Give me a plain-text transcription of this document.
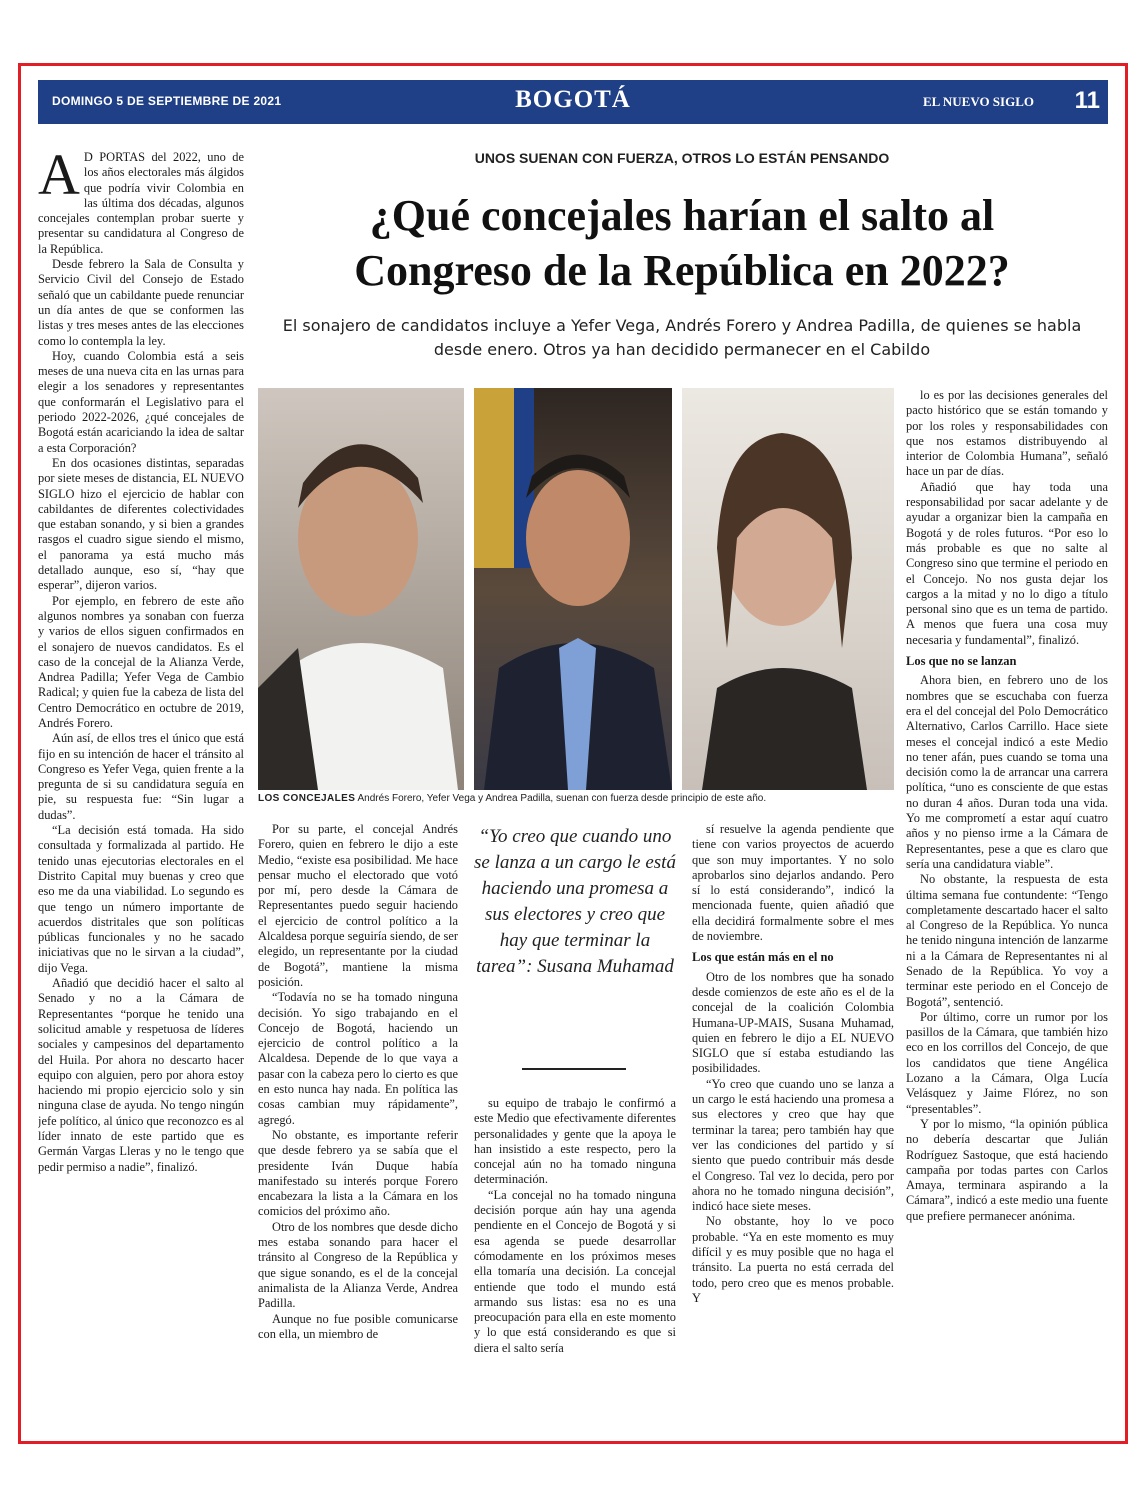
DOMINGO 5 DE SEPTIEMBRE DE 2021	BOGOTÁ	EL NUEVO SIGLO 11

A D PORTAS del 2022, uno de los años electorales más álgidos que podría vivir Colombia en las última dos décadas, algunos concejales contemplan probar suerte y presentar su candidatura al Congreso de la República.

Desde febrero la Sala de Consulta y Servicio Civil del Consejo de Estado señaló que un cabildante puede renunciar un día antes de que se conformen las listas y tres meses antes de las elecciones como lo contempla la ley.

Hoy, cuando Colombia está a seis meses de una nueva cita en las urnas para elegir a los senadores y representantes que conformarán el Legislativo para el periodo 2022-2026, ¿qué concejales de Bogotá están acariciando la idea de saltar a esta Corporación?

En dos ocasiones distintas, separadas por siete meses de distancia, EL NUEVO SIGLO hizo el ejercicio de hablar con cabildantes de diferentes colectividades que estaban sonando, y si bien a grandes rasgos el cuadro sigue siendo el mismo, el panorama ya está mucho más detallado aunque, eso sí, “hay que esperar”, dijeron varios.

Por ejemplo, en febrero de este año algunos nombres ya sonaban con fuerza y varios de ellos siguen confirmados en el sonajero de nuevos candidatos. Es el caso de la concejal de la Alianza Verde, Andrea Padilla; Yefer Vega de Cambio Radical; y quien fue la cabeza de lista del Centro Democrático en octubre de 2019, Andrés Forero.

Aún así, de ellos tres el único que está fijo en su intención de hacer el tránsito al Congreso es Yefer Vega, quien frente a la pregunta de si su candidatura seguía en pie, su respuesta fue: “Sin lugar a dudas”.

“La decisión está tomada. Ha sido consultada y formalizada al partido. He tenido unas ejecutorias electorales en el Distrito Capital muy buenas y creo que eso me da una viabilidad. Lo segundo es que tengo un número importante de acuerdos distritales que son políticas públicas funcionales y no he sacado iniciativas que no le sirvan a la ciudad”, dijo Vega.

Añadió que decidió hacer el salto al Senado y no a la Cámara de Representantes “porque he tenido una solicitud amable y respetuosa de líderes sociales y campesinos del departamento del Huila. Por ahora no descarto hacer equipo con alguien, pero por ahora estoy haciendo mi propio ejercicio solo y sin ninguna clase de ayuda. No tengo ningún jefe político, al único que reconozco es al líder innato de este partido que es Germán Vargas Lleras y no le tengo que pedir permiso a nadie”, finalizó.

UNOS SUENAN CON FUERZA, OTROS LO ESTÁN PENSANDO
¿Qué concejales harían el salto al
Congreso de la República en 2022?
El sonajero de candidatos incluye a Yefer Vega, Andrés Forero y Andrea Padilla, de quienes se habla desde enero. Otros ya han decidido permanecer en el Cabildo
LOS CONCEJALES Andrés Forero, Yefer Vega y Andrea Padilla, suenan con fuerza desde principio de este año.

Por su parte, el concejal Andrés Forero, quien en febrero le dijo a este Medio, “existe esa posibilidad. Me hace pensar mucho el electorado que votó por mí, pero desde la Cámara de Representantes puedo seguir haciendo el ejercicio de control político a la Alcaldesa porque seguiría siendo, de ser elegido, un representante por la ciudad de Bogotá”, mantiene la misma posición.

“Todavía no se ha tomado ninguna decisión. Yo sigo trabajando en el Concejo de Bogotá, haciendo un ejercicio de control político a la Alcaldesa. Depende de lo que vaya a pasar con la cabeza pero lo cierto es que en esto nunca hay nada. En política las cosas cambian muy rápidamente”, agregó.

No obstante, es importante referir que desde febrero ya se sabía que el presidente Iván Duque había manifestado su interés porque Forero encabezara la lista a la Cámara en los comicios del próximo año.

Otro de los nombres que desde dicho mes estaba sonando para hacer el tránsito al Congreso de la República y que sigue sonando, es el de la concejal animalista de la Alianza Verde, Andrea Padilla.

Aunque no fue posible comunicarse con ella, un miembro de

“Yo creo que cuando uno se lanza a un cargo le está haciendo una promesa a sus electores y creo que hay que terminar la tarea”: Susana Muhamad

su equipo de trabajo le confirmó a este Medio que efectivamente diferentes personalidades y gente que la apoya le han insistido a este respecto, pero la concejal aún no ha tomado ninguna determinación.

“La concejal no ha tomado ninguna decisión porque aún hay una agenda pendiente en el Concejo de Bogotá y si esa agenda se puede desarrollar cómodamente en los próximos meses ella tomaría una decisión. La concejal entiende que todo el mundo está armando sus listas: esa no es una preocupación para ella en este momento y lo que está considerando es que si diera el salto sería

sí resuelve la agenda pendiente que tiene con varios proyectos de acuerdo que son muy importantes. Y no solo aprobarlos sino dejarlos andando. Pero sí lo está considerando”, indicó la mencionada fuente, quien añadió que ella decidirá formalmente sobre el mes de noviembre.

Los que están más en el no

Otro de los nombres que ha sonado desde comienzos de este año es el de la concejal de la coalición Colombia Humana-UP-MAIS, Susana Muhamad, quien en febrero le dijo a EL NUEVO SIGLO que sí estaba estudiando las posibilidades.

“Yo creo que cuando uno se lanza a un cargo le está haciendo una promesa a sus electores y creo que hay que terminar la tarea; pero también hay que ver las condiciones del partido y sí siento que puedo contribuir más desde el Congreso. Tal vez lo decida, pero por ahora no he tomado ninguna decisión”, indicó hace siete meses.

No obstante, hoy lo ve poco probable. “Ya en este momento es muy difícil y es muy posible que no haga el tránsito. La puerta no está cerrada del todo, pero creo que es menos probable. Y

lo es por las decisiones generales del pacto histórico que se están tomando y por los roles y responsabilidades con que nos estamos distribuyendo al interior de Colombia Humana”, señaló hace un par de días.

Añadió que hay toda una responsabilidad por sacar adelante y de ayudar a organizar bien la campaña en Bogotá y de roles futuros. “Por eso lo más probable es que no salte al Congreso sino que termine el periodo en el Concejo. No nos gusta dejar los cargos a la mitad y no lo digo a título personal sino que es un tema de partido. A menos que fuera una cosa muy necesaria y fundamental”, finalizó.

Los que no se lanzan

Ahora bien, en febrero uno de los nombres que se escuchaba con fuerza era el del concejal del Polo Democrático Alternativo, Carlos Carrillo. Hace siete meses el concejal indicó a este Medio no tener afán, pues cuando se toma una decisión como la de arrancar una carrera política, “uno es consciente de que estas no duran 4 años. Duran toda una vida. Yo me comprometí a estar aquí cuatro años y no pienso irme a la Cámara de Representantes, pese a que es claro que sería una candidatura viable”.

No obstante, la respuesta de esta última semana fue contundente: “Tengo completamente descartado hacer el salto al Congreso de la República. Yo nunca he tenido ninguna intención de lanzarme ni a la Cámara de Representantes ni al Senado de la República. Yo voy a terminar este periodo en el Concejo de Bogotá”, sentenció.

Por último, corre un rumor por los pasillos de la Cámara, que también hizo eco en los corrillos del Concejo, de que los candidatos que tiene Angélica Lozano a la Cámara, Olga Lucía Velásquez y Jaime Flórez, no son “presentables”.

Y por lo mismo, “la opinión pública no debería descartar que Julián Rodríguez Sastoque, que está haciendo campaña por todas partes con Carlos Amaya, terminara aspirando a la Cámara”, indicó a este medio una fuente que prefiere permanecer anónima.
